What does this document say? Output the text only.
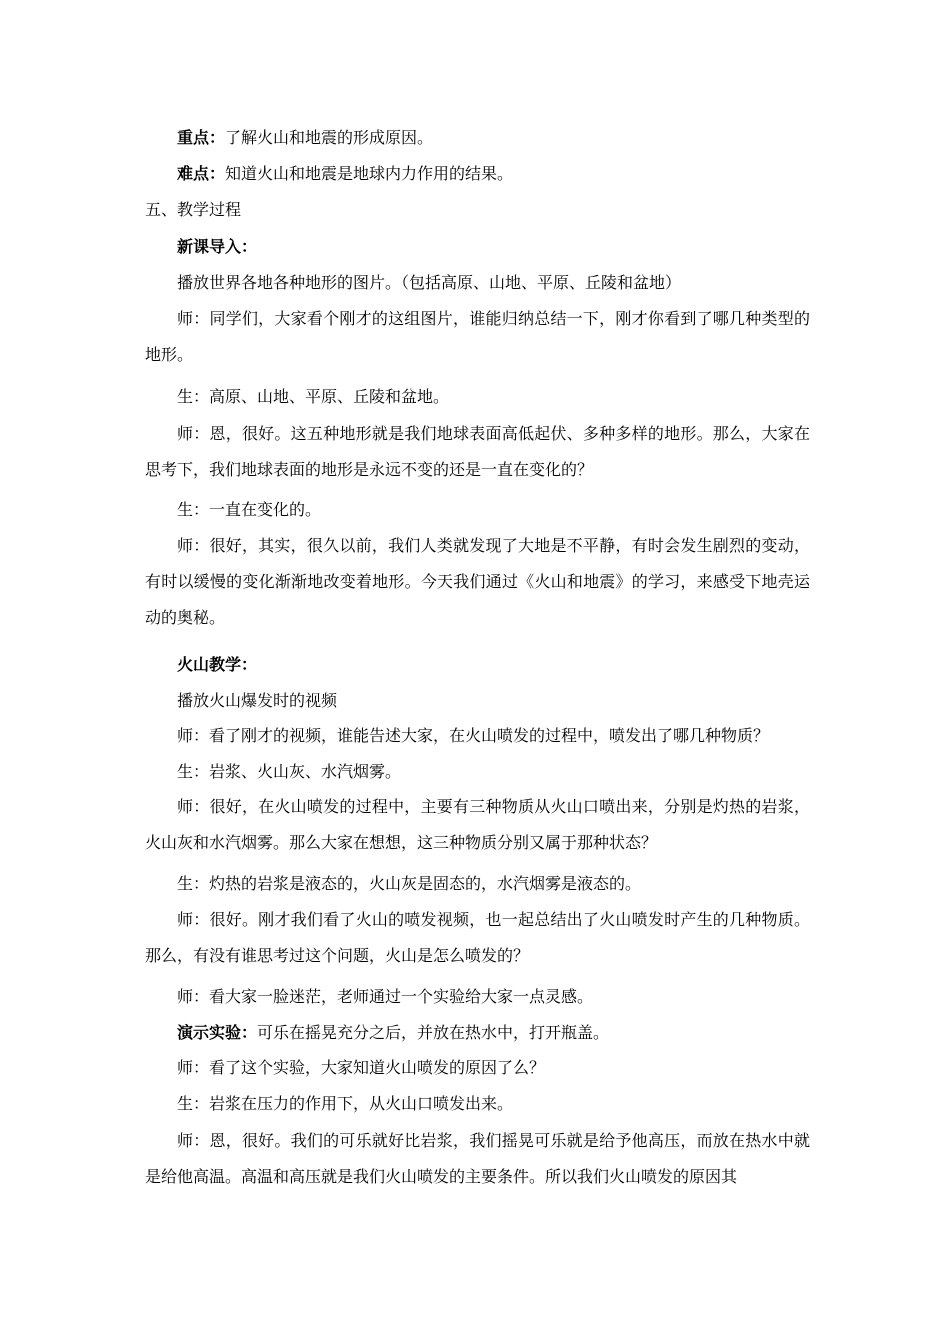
重点：了解火山和地震的形成原因。
难点：知道火山和地震是地球内力作用的结果。
五、教学过程
新课导入：
播放世界各地各种地形的图片。（包括高原、山地、平原、丘陵和盆地）
师：同学们，大家看个刚才的这组图片，谁能归纳总结一下，刚才你看到了哪几种类型的地形。
生：高原、山地、平原、丘陵和盆地。
师：恩，很好。这五种地形就是我们地球表面高低起伏、多种多样的地形。那么，大家在思考下，我们地球表面的地形是永远不变的还是一直在变化的？
生：一直在变化的。
师：很好，其实，很久以前，我们人类就发现了大地是不平静，有时会发生剧烈的变动，有时以缓慢的变化渐渐地改变着地形。今天我们通过《火山和地震》的学习，来感受下地壳运动的奥秘。
火山教学：
播放火山爆发时的视频
师：看了刚才的视频，谁能告述大家，在火山喷发的过程中，喷发出了哪几种物质？
生：岩浆、火山灰、水汽烟雾。
师：很好，在火山喷发的过程中，主要有三种物质从火山口喷出来，分别是灼热的岩浆，火山灰和水汽烟雾。那么大家在想想，这三种物质分别又属于那种状态？
生：灼热的岩浆是液态的，火山灰是固态的，水汽烟雾是液态的。
师：很好。刚才我们看了火山的喷发视频，也一起总结出了火山喷发时产生的几种物质。那么，有没有谁思考过这个问题，火山是怎么喷发的？
师：看大家一脸迷茫，老师通过一个实验给大家一点灵感。
演示实验：可乐在摇晃充分之后，并放在热水中，打开瓶盖。
师：看了这个实验，大家知道火山喷发的原因了么？
生：岩浆在压力的作用下，从火山口喷发出来。
师：恩，很好。我们的可乐就好比岩浆，我们摇晃可乐就是给予他高压，而放在热水中就是给他高温。高温和高压就是我们火山喷发的主要条件。所以我们火山喷发的原因其
